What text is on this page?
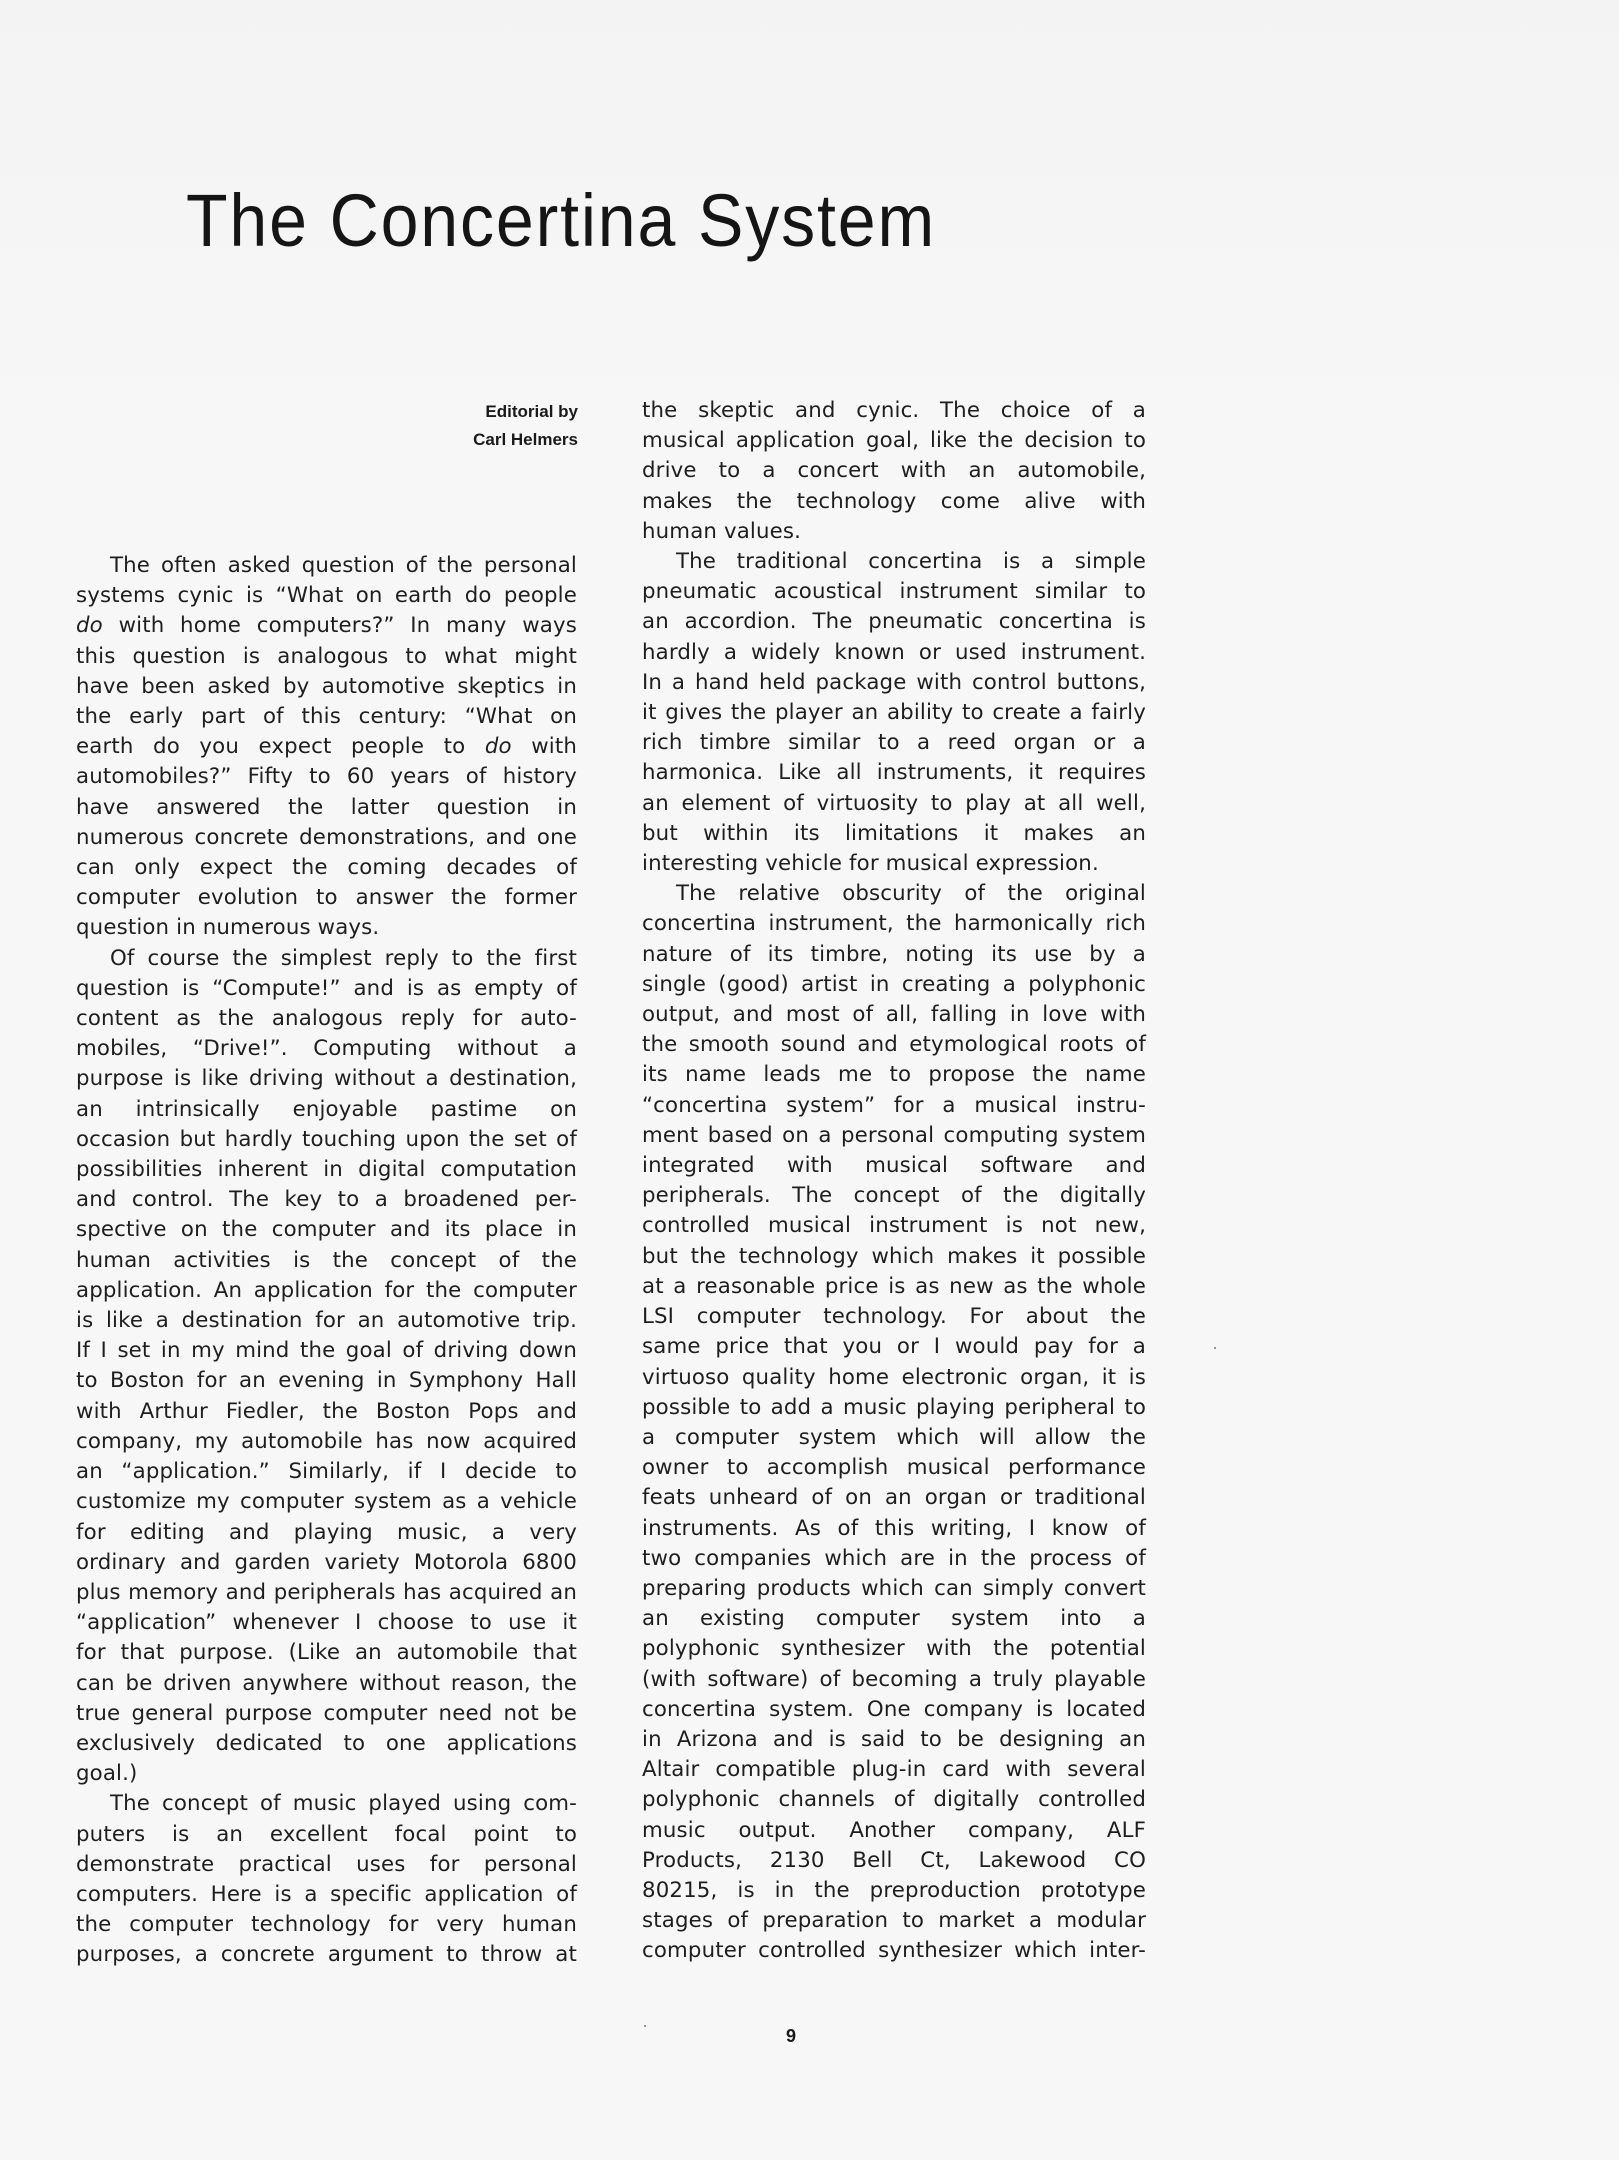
The Concertina System
Editorial by
Carl Helmers
The often asked question of the personal
systems cynic is “What on earth do people
do with home computers?” In many ways
this question is analogous to what might
have been asked by automotive skeptics in
the early part of this century: “What on
earth do you expect people to do with
automobiles?” Fifty to 60 years of history
have answered the latter question in
numerous concrete demonstrations, and one
can only expect the coming decades of
computer evolution to answer the former
question in numerous ways.
Of course the simplest reply to the first
question is “Compute!” and is as empty of
content as the analogous reply for auto-
mobiles, “Drive!”. Computing without a
purpose is like driving without a destination,
an intrinsically enjoyable pastime on
occasion but hardly touching upon the set of
possibilities inherent in digital computation
and control. The key to a broadened per-
spective on the computer and its place in
human activities is the concept of the
application. An application for the computer
is like a destination for an automotive trip.
If I set in my mind the goal of driving down
to Boston for an evening in Symphony Hall
with Arthur Fiedler, the Boston Pops and
company, my automobile has now acquired
an “application.” Similarly, if I decide to
customize my computer system as a vehicle
for editing and playing music, a very
ordinary and garden variety Motorola 6800
plus memory and peripherals has acquired an
“application” whenever I choose to use it
for that purpose. (Like an automobile that
can be driven anywhere without reason, the
true general purpose computer need not be
exclusively dedicated to one applications
goal.)
The concept of music played using com-
puters is an excellent focal point to
demonstrate practical uses for personal
computers. Here is a specific application of
the computer technology for very human
purposes, a concrete argument to throw at
the skeptic and cynic. The choice of a
musical application goal, like the decision to
drive to a concert with an automobile,
makes the technology come alive with
human values.
The traditional concertina is a simple
pneumatic acoustical instrument similar to
an accordion. The pneumatic concertina is
hardly a widely known or used instrument.
In a hand held package with control buttons,
it gives the player an ability to create a fairly
rich timbre similar to a reed organ or a
harmonica. Like all instruments, it requires
an element of virtuosity to play at all well,
but within its limitations it makes an
interesting vehicle for musical expression.
The relative obscurity of the original
concertina instrument, the harmonically rich
nature of its timbre, noting its use by a
single (good) artist in creating a polyphonic
output, and most of all, falling in love with
the smooth sound and etymological roots of
its name leads me to propose the name
“concertina system” for a musical instru-
ment based on a personal computing system
integrated with musical software and
peripherals. The concept of the digitally
controlled musical instrument is not new,
but the technology which makes it possible
at a reasonable price is as new as the whole
LSI computer technology. For about the
same price that you or I would pay for a
virtuoso quality home electronic organ, it is
possible to add a music playing peripheral to
a computer system which will allow the
owner to accomplish musical performance
feats unheard of on an organ or traditional
instruments. As of this writing, I know of
two companies which are in the process of
preparing products which can simply convert
an existing computer system into a
polyphonic synthesizer with the potential
(with software) of becoming a truly playable
concertina system. One company is located
in Arizona and is said to be designing an
Altair compatible plug-in card with several
polyphonic channels of digitally controlled
music output. Another company, ALF
Products, 2130 Bell Ct, Lakewood CO
80215, is in the preproduction prototype
stages of preparation to market a modular
computer controlled synthesizer which inter-
9
